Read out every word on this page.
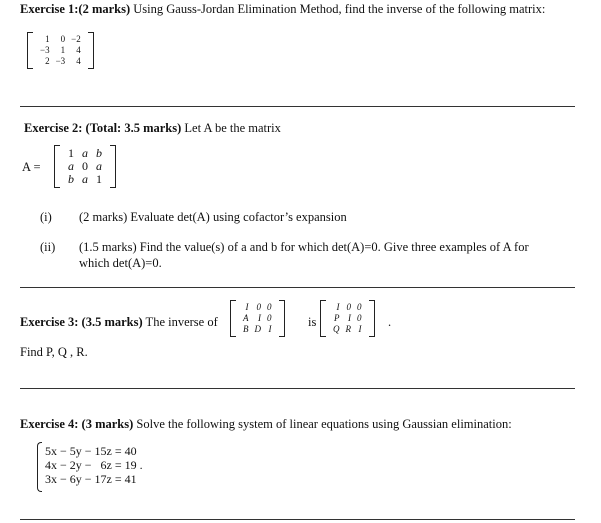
Exercise 1:(2 marks) Using Gauss-Jordan Elimination Method, find the inverse of the following matrix:
1	0 −2
−3	1	4
2 −3	4
Exercise 2: (Total: 3.5 marks) Let A be the matrix
A =
1 a b
a 0 a
b a 1
(i) (2 marks) Evaluate det(A) using cofactor’s expansion
(ii) (1.5 marks) Find the value(s) of a and b for which det(A)=0. Give three examples of A for
which det(A)=0.
Exercise 3: (3.5 marks) The inverse of
I 0 0
A	I 0
B D I	is
I 0 0
P I 0
Q R I .
Find P, Q , R.
Exercise 4: (3 marks) Solve the following system of linear equations using Gaussian elimination:
5x − 5y − 15z = 40
4x − 2y −   6z = 19 .
3x − 6y − 17z = 41
